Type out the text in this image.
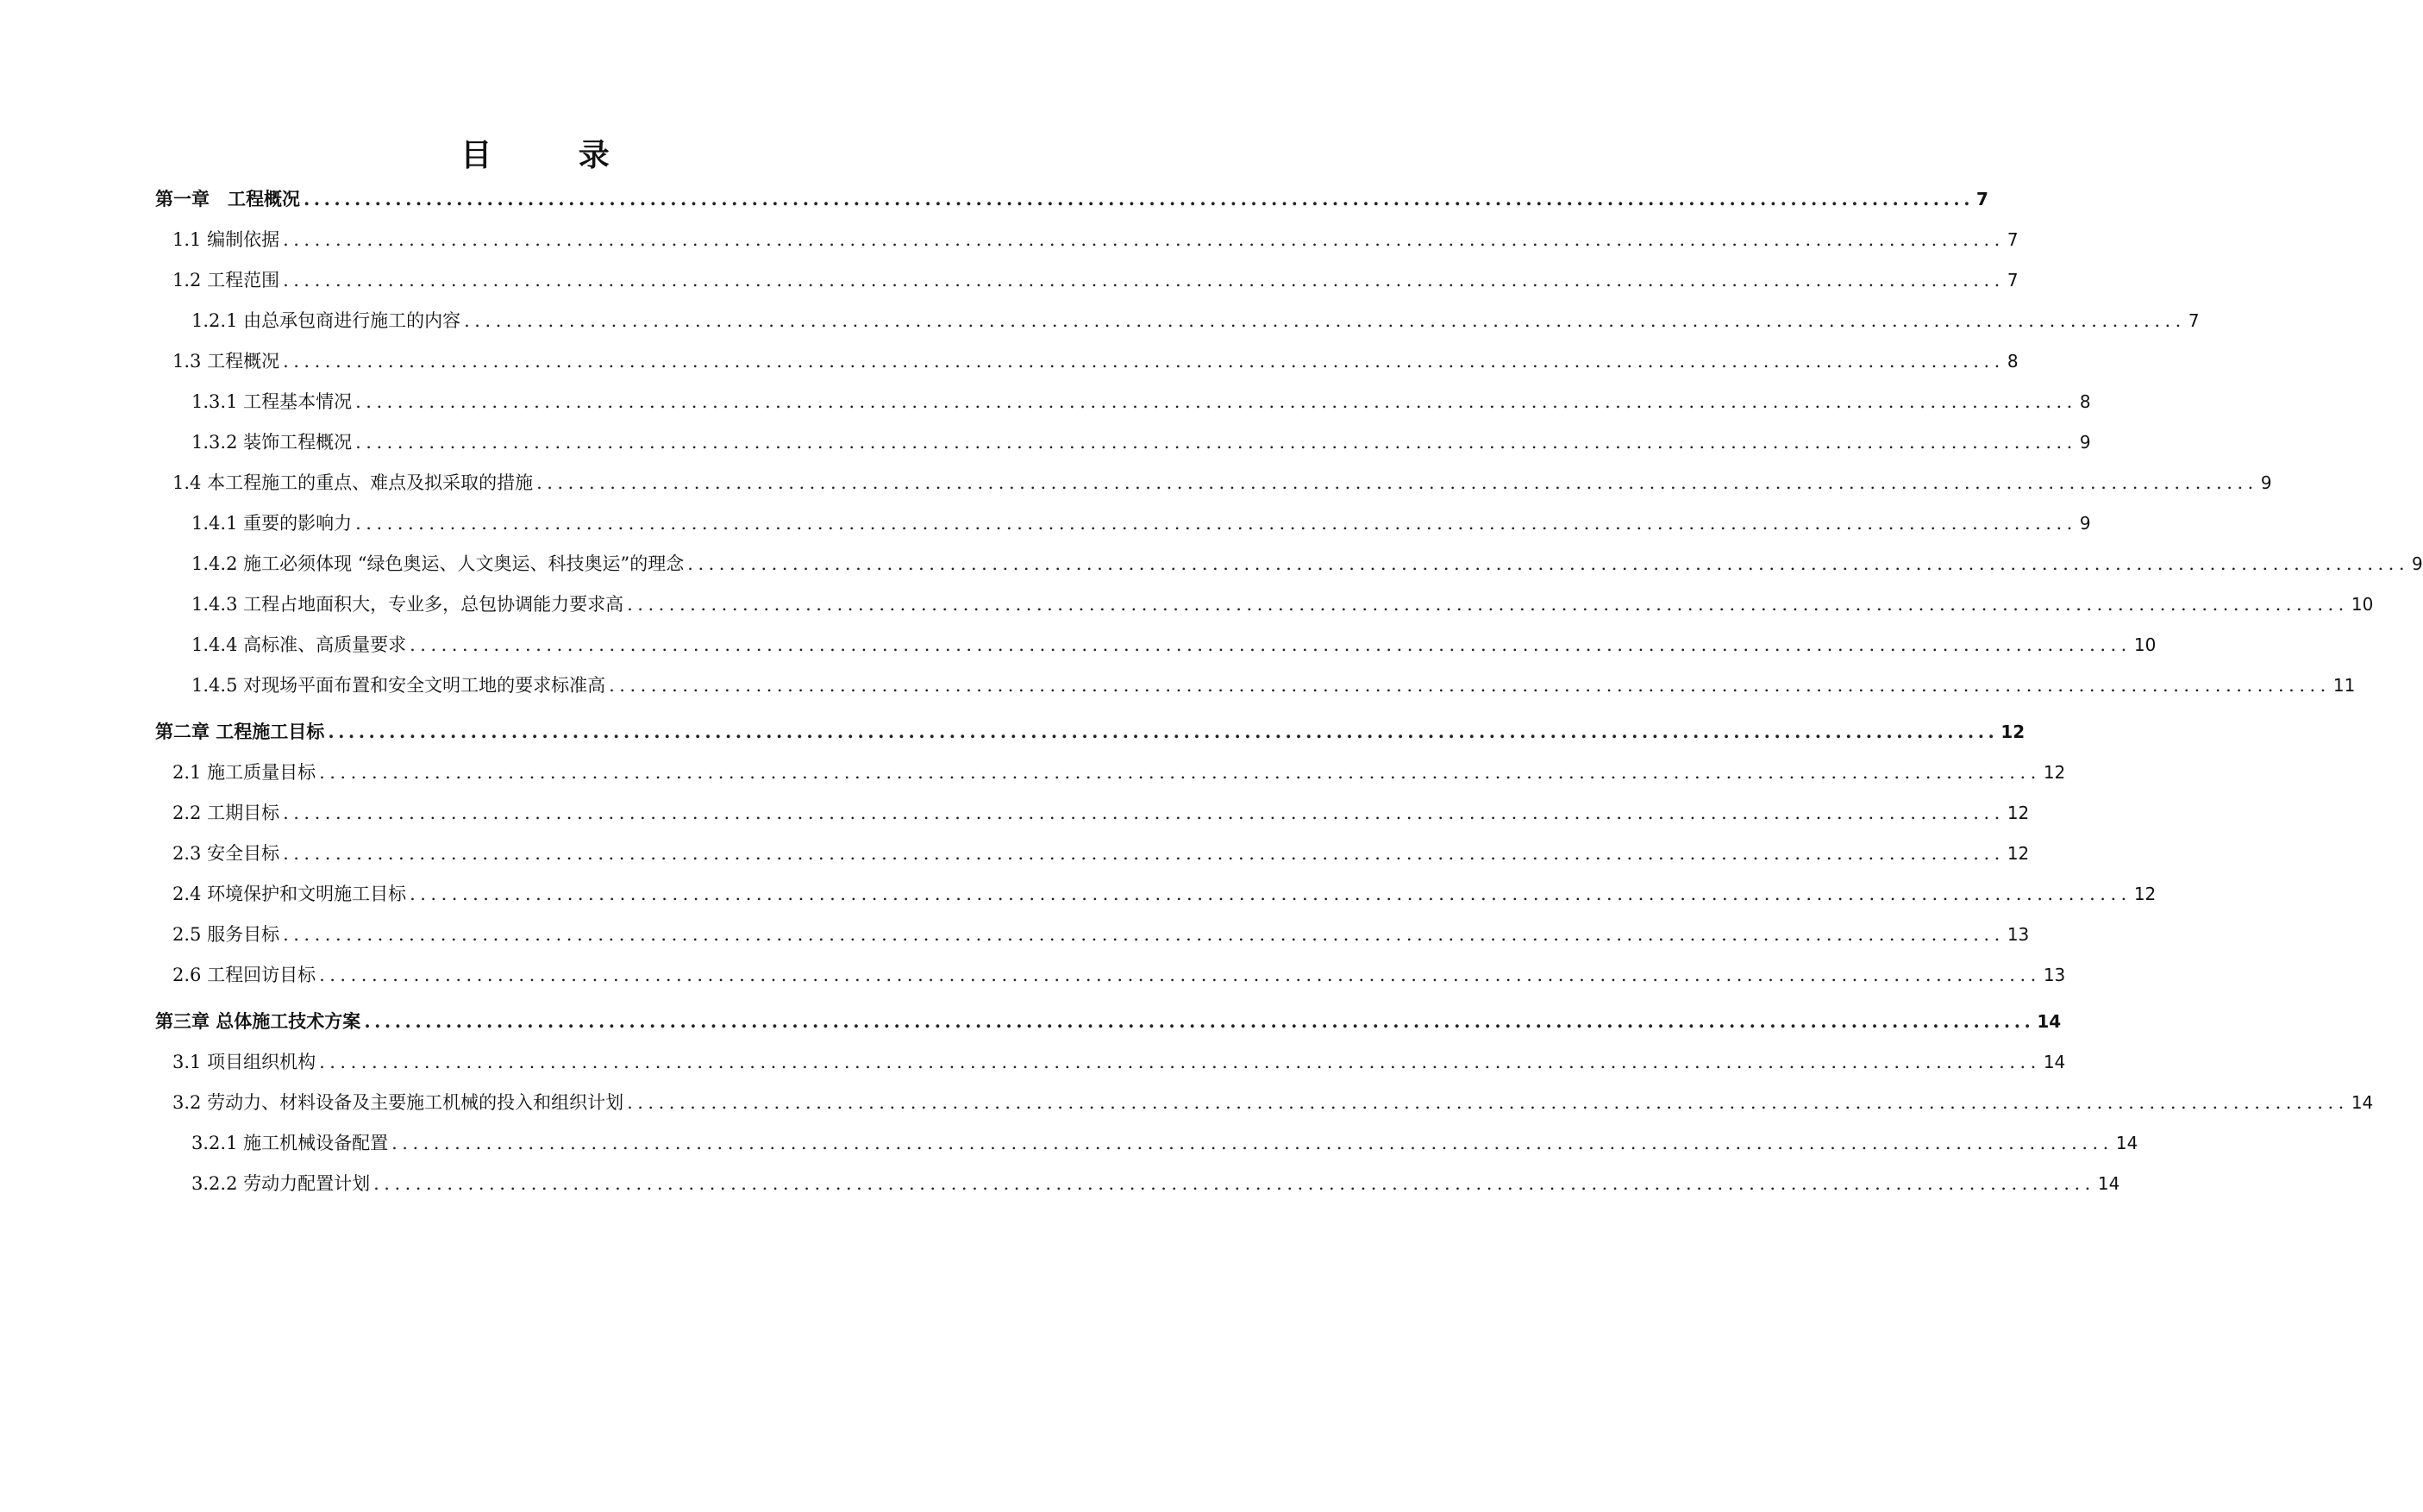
目 录
第一章　工程概况 .................................................................................................................................................................... 7
1.1 编制依据 .................................................................................................................................................................... 7
1.2 工程范围 .................................................................................................................................................................... 7
1.2.1 由总承包商进行施工的内容 .................................................................................................................................................................... 7
1.3 工程概况 .................................................................................................................................................................... 8
1.3.1 工程基本情况 .................................................................................................................................................................... 8
1.3.2 装饰工程概况 .................................................................................................................................................................... 9
1.4 本工程施工的重点、难点及拟采取的措施 .................................................................................................................................................................... 9
1.4.1 重要的影响力 .................................................................................................................................................................... 9
1.4.2 施工必须体现 “绿色奥运、人文奥运、科技奥运”的理念 .................................................................................................................................................................... 9
1.4.3 工程占地面积大，专业多，总包协调能力要求高 .................................................................................................................................................................... 10
1.4.4 高标准、高质量要求 .................................................................................................................................................................... 10
1.4.5 对现场平面布置和安全文明工地的要求标准高 .................................................................................................................................................................... 11
第二章 工程施工目标 .................................................................................................................................................................... 12
2.1 施工质量目标 .................................................................................................................................................................... 12
2.2 工期目标 .................................................................................................................................................................... 12
2.3 安全目标 .................................................................................................................................................................... 12
2.4 环境保护和文明施工目标 .................................................................................................................................................................... 12
2.5 服务目标 .................................................................................................................................................................... 13
2.6 工程回访目标 .................................................................................................................................................................... 13
第三章 总体施工技术方案 .................................................................................................................................................................... 14
3.1 项目组织机构 .................................................................................................................................................................... 14
3.2 劳动力、材料设备及主要施工机械的投入和组织计划 .................................................................................................................................................................... 14
3.2.1 施工机械设备配置 .................................................................................................................................................................... 14
3.2.2 劳动力配置计划 .................................................................................................................................................................... 14
